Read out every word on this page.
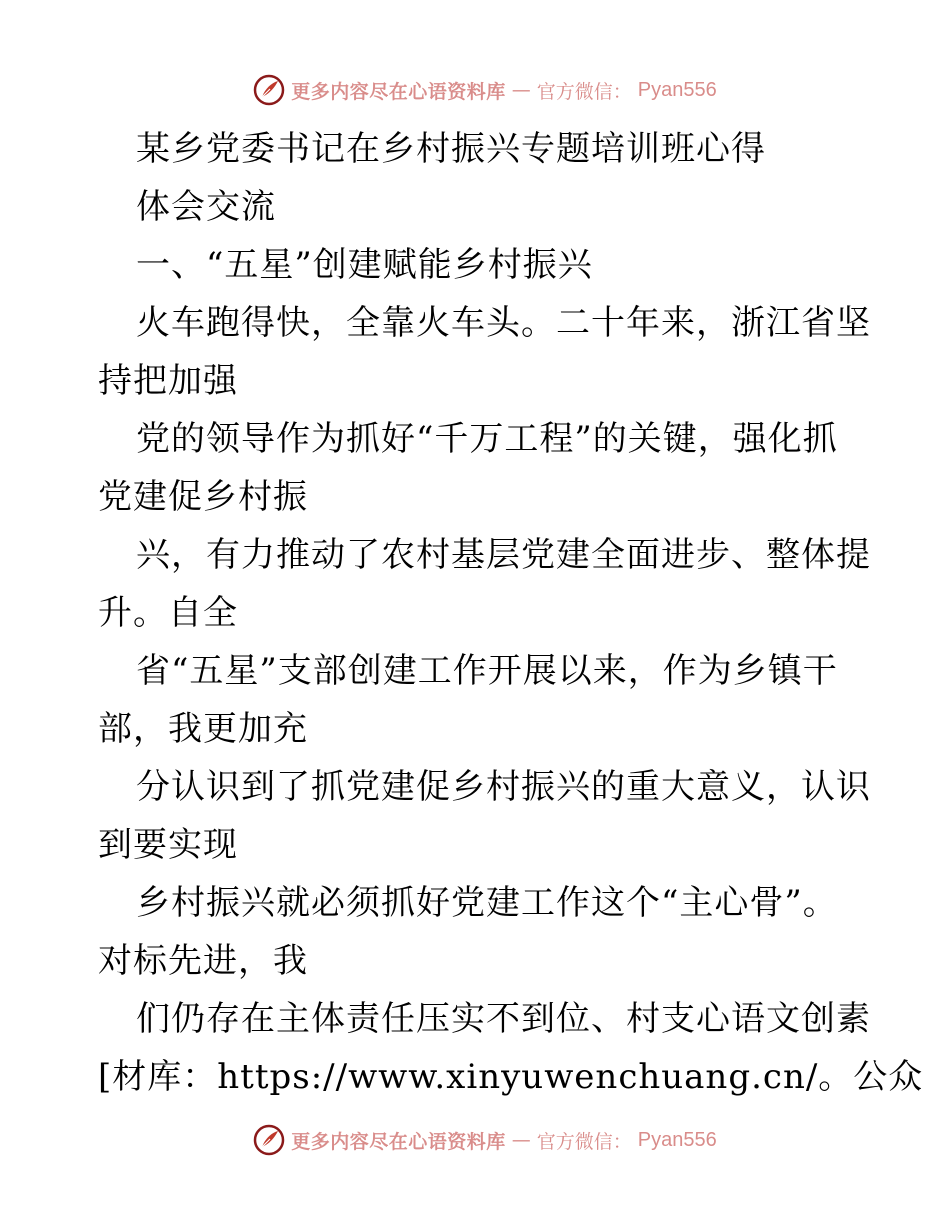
更多内容尽在心语资料库 — 官方微信： Pyan556
某乡党委书记在乡村振兴专题培训班心得
体会交流
一、“五星”创建赋能乡村振兴
火车跑得快，全靠火车头。二十年来，浙江省坚
持把加强
党的领导作为抓好“千万工程”的关键，强化抓
党建促乡村振
兴，有力推动了农村基层党建全面进步、整体提
升。自全
省“五星”支部创建工作开展以来，作为乡镇干
部，我更加充
分认识到了抓党建促乡村振兴的重大意义，认识
到要实现
乡村振兴就必须抓好党建工作这个“主心骨”。
对标先进，我
们仍存在主体责任压实不到位、村支心语文创素
[材库：https://www.xinyuwenchuang.cn/。公众
更多内容尽在心语资料库 — 官方微信： Pyan556
